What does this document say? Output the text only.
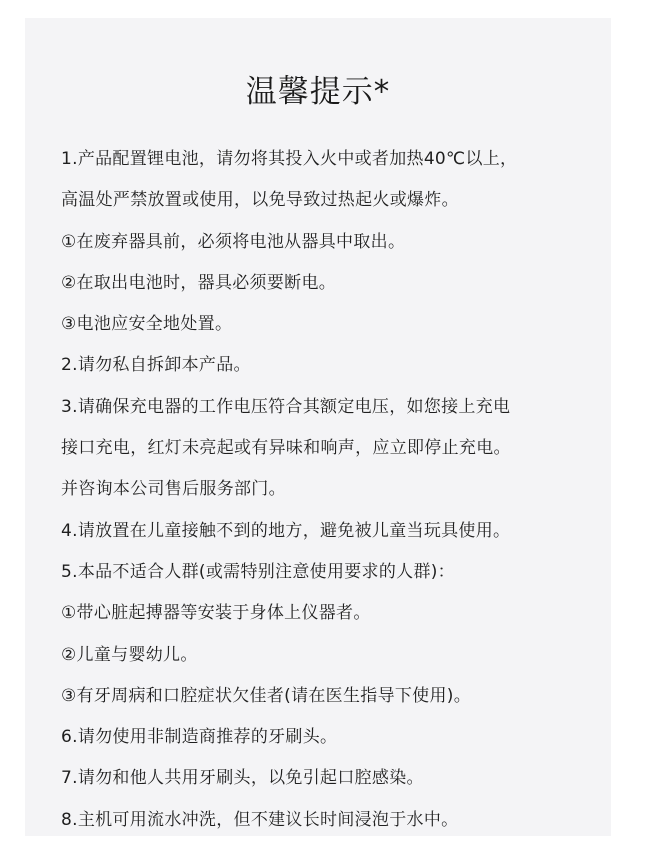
温馨提示*
1.产品配置锂电池，请勿将其投入火中或者加热40℃以上，
高温处严禁放置或使用，以免导致过热起火或爆炸。
①在废弃器具前，必须将电池从器具中取出。
②在取出电池时，器具必须要断电。
③电池应安全地处置。
2.请勿私自拆卸本产品。
3.请确保充电器的工作电压符合其额定电压，如您接上充电
接口充电，红灯未亮起或有异味和响声，应立即停止充电。
并咨询本公司售后服务部门。
4.请放置在儿童接触不到的地方，避免被儿童当玩具使用。
5.本品不适合人群(或需特别注意使用要求的人群)：
①带心脏起搏器等安装于身体上仪器者。
②儿童与婴幼儿。
③有牙周病和口腔症状欠佳者(请在医生指导下使用)。
6.请勿使用非制造商推荐的牙刷头。
7.请勿和他人共用牙刷头，以免引起口腔感染。
8.主机可用流水冲洗，但不建议长时间浸泡于水中。
